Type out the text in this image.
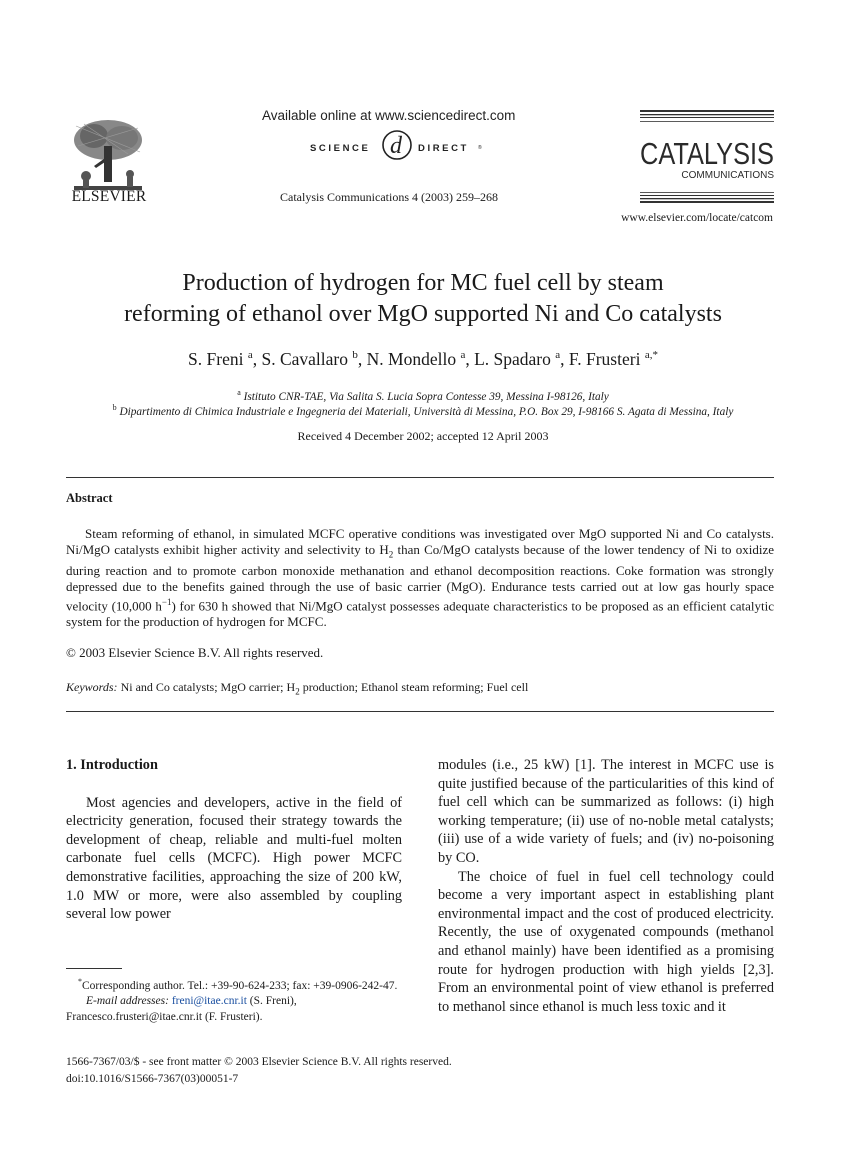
ELSEVIER
Available online at www.sciencedirect.com
SCIENCE d DIRECT ®
Catalysis Communications 4 (2003) 259–268
CATALYSIS
COMMUNICATIONS
www.elsevier.com/locate/catcom
Production of hydrogen for MC fuel cell by steam
reforming of ethanol over MgO supported Ni and Co catalysts
S. Freni $^a$, S. Cavallaro $^b$, N. Mondello $^a$, L. Spadaro $^a$, F. Frusteri $^{a,*}$
$^a$ Istituto CNR-TAE, Via Salita S. Lucia Sopra Contesse 39, Messina I-98126, Italy
$^b$ Dipartimento di Chimica Industriale e Ingegneria dei Materiali, Università di Messina, P.O. Box 29, I-98166 S. Agata di Messina, Italy
Received 4 December 2002; accepted 12 April 2003
Abstract

Steam reforming of ethanol, in simulated MCFC operative conditions was investigated over MgO supported Ni and Co catalysts. Ni/MgO catalysts exhibit higher activity and selectivity to $H_2$ than Co/MgO catalysts because of the lower tendency of Ni to oxidize during reaction and to promote carbon monoxide methanation and ethanol decomposition reactions. Coke formation was strongly depressed due to the benefits gained through the use of basic carrier (MgO). Endurance tests carried out at low gas hourly space velocity (10,000 $h^{-1}$) for 630 h showed that Ni/MgO catalyst possesses adequate characteristics to be proposed as an efficient catalytic system for the production of hydrogen for MCFC.

© 2003 Elsevier Science B.V. All rights reserved.
Keywords: Ni and Co catalysts; MgO carrier; $H_2$ production; Ethanol steam reforming; Fuel cell

1. Introduction

Most agencies and developers, active in the field of electricity generation, focused their strategy towards the development of cheap, reliable and multi-fuel molten carbonate fuel cells (MCFC). High power MCFC demonstrative facilities, approaching the size of 200 kW, 1.0 MW or more, were also assembled by coupling several low power

modules (i.e., 25 kW) [1]. The interest in MCFC use is quite justified because of the particularities of this kind of fuel cell which can be summarized as follows: (i) high working temperature; (ii) use of no-noble metal catalysts; (iii) use of a wide variety of fuels; and (iv) no-poisoning by CO.

The choice of fuel in fuel cell technology could become a very important aspect in establishing plant environmental impact and the cost of produced electricity. Recently, the use of oxygenated compounds (methanol and ethanol mainly) have been identified as a promising route for hydrogen production with high yields [2,3]. From an environmental point of view ethanol is preferred to methanol since ethanol is much less toxic and it

*Corresponding author. Tel.: +39-90-624-233; fax: +39-0906-242-47.

E-mail addresses: freni@itae.cnr.it (S. Freni),

Francesco.frusteri@itae.cnr.it (F. Frusteri).

1566-7367/03/$ - see front matter © 2003 Elsevier Science B.V. All rights reserved.
doi:10.1016/S1566-7367(03)00051-7
